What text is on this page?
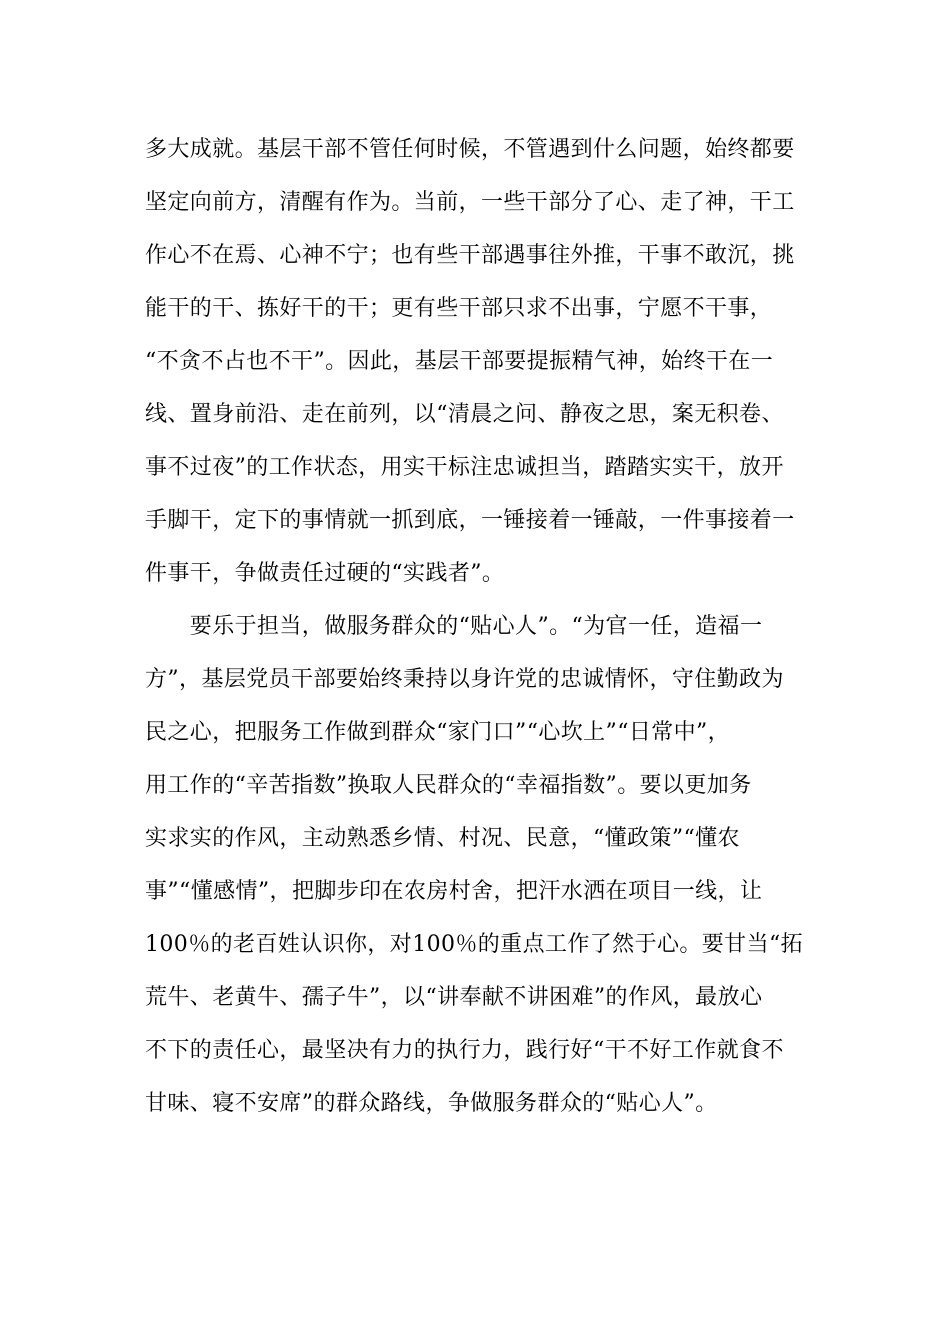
多大成就。基层干部不管任何时候，不管遇到什么问题，始终都要
坚定向前方，清醒有作为。当前，一些干部分了心、走了神，干工
作心不在焉、心神不宁；也有些干部遇事往外推，干事不敢沉，挑
能干的干、拣好干的干；更有些干部只求不出事，宁愿不干事，
“不贪不占也不干”。因此，基层干部要提振精气神，始终干在一
线、置身前沿、走在前列，以“清晨之问、静夜之思，案无积卷、
事不过夜”的工作状态，用实干标注忠诚担当，踏踏实实干，放开
手脚干，定下的事情就一抓到底，一锤接着一锤敲，一件事接着一
件事干，争做责任过硬的“实践者”。
　　要乐于担当，做服务群众的“贴心人”。“为官一任，造福一
方”，基层党员干部要始终秉持以身许党的忠诚情怀，守住勤政为
民之心，把服务工作做到群众“家门口”“心坎上”“日常中”，
用工作的“辛苦指数”换取人民群众的“幸福指数”。要以更加务
实求实的作风，主动熟悉乡情、村况、民意，“懂政策”“懂农
事”“懂感情”，把脚步印在农房村舍，把汗水洒在项目一线，让
100％的老百姓认识你，对100％的重点工作了然于心。要甘当“拓
荒牛、老黄牛、孺子牛”，以“讲奉献不讲困难”的作风，最放心
不下的责任心，最坚决有力的执行力，践行好“干不好工作就食不
甘味、寝不安席”的群众路线，争做服务群众的“贴心人”。
